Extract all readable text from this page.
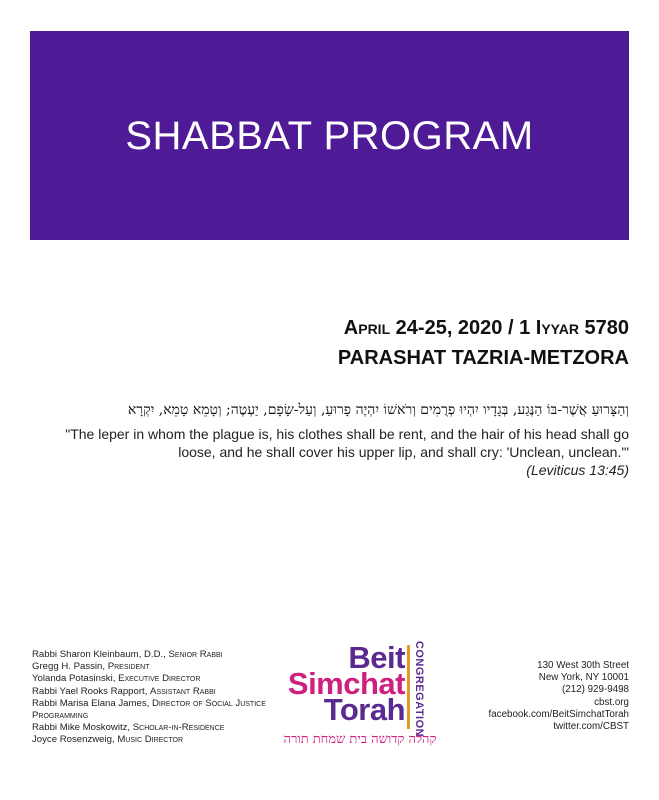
SHABBAT PROGRAM
April 24-25, 2020 / 1 Iyyar 5780
PARASHAT TAZRIA-METZORA
וְהַצָּרוּעַ אֲשֶׁר-בּוֹ הַנֶּגַע, בְּגָדָיו יִהְיוּ פְרֻמִים וְרֹאשׁוֹ יִהְיֶה פָרוּעַ, וְעַל-שָׂפָם, יַעְטֶה; וְטָמֵא טָמֵא, יִקְרָא
"The leper in whom the plague is, his clothes shall be rent, and the hair of his head shall go loose, and he shall cover his upper lip, and shall cry: 'Unclean, unclean.'"
(Leviticus 13:45)
Rabbi Sharon Kleinbaum, D.D., Senior Rabbi
Gregg H. Passin, President
Yolanda Potasinski, Executive Director
Rabbi Yael Rooks Rapport, Assistant Rabbi
Rabbi Marisa Elana James, Director of Social Justice Programming
Rabbi Mike Moskowitz, Scholar-in-Residence
Joyce Rosenzweig, Music Director
Beit
Simchat
Torah CONGREGATION
קהלה קדושה בית שמחת תורה
130 West 30th Street
New York, NY 10001
(212) 929-9498
cbst.org
facebook.com/BeitSimchatTorah
twitter.com/CBST
